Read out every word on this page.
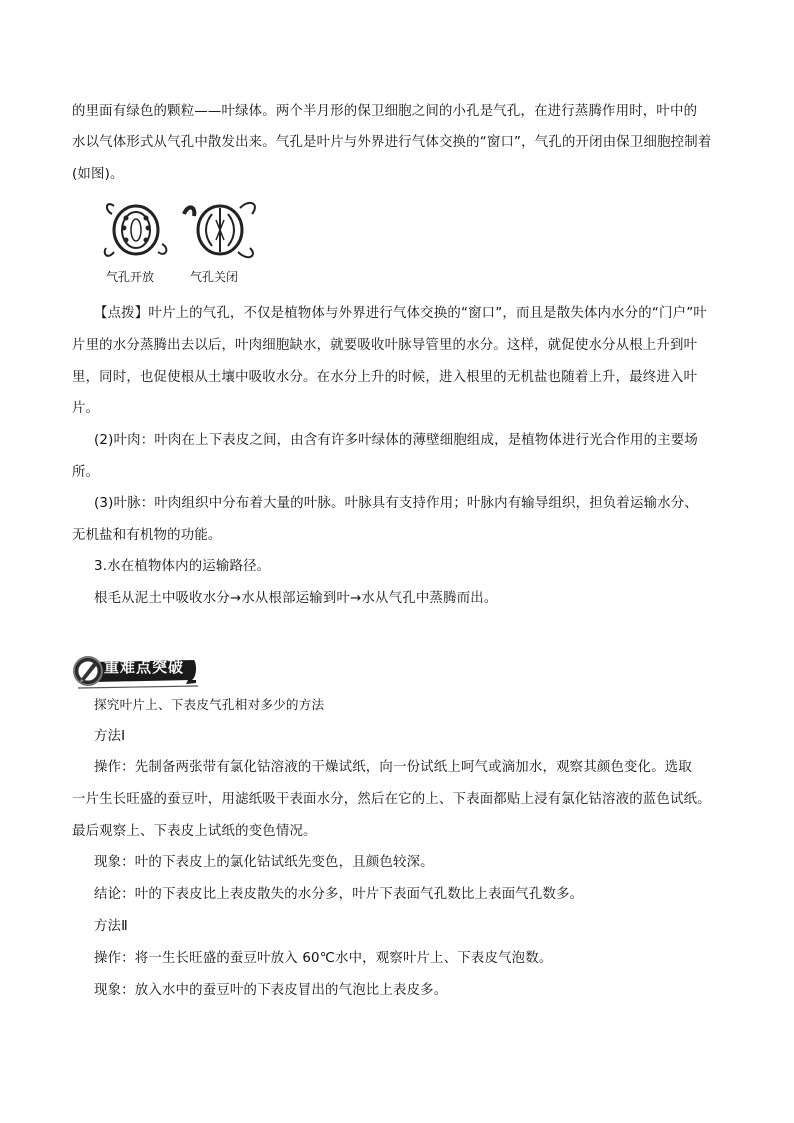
的里面有绿色的颗粒——叶绿体。两个半月形的保卫细胞之间的小孔是气孔，在进行蒸腾作用时，叶中的
水以气体形式从气孔中散发出来。气孔是叶片与外界进行气体交换的“窗口”，气孔的开闭由保卫细胞控制着
(如图)。
气孔开放	气孔关闭
【点拨】叶片上的气孔，不仅是植物体与外界进行气体交换的“窗口”，而且是散失体内水分的“门户”叶
片里的水分蒸腾出去以后，叶肉细胞缺水，就要吸收叶脉导管里的水分。这样，就促使水分从根上升到叶
里，同时，也促使根从土壤中吸收水分。在水分上升的时候，进入根里的无机盐也随着上升，最终进入叶
片。
(2)叶肉：叶肉在上下表皮之间，由含有许多叶绿体的薄壁细胞组成，是植物体进行光合作用的主要场
所。
(3)叶脉：叶肉组织中分布着大量的叶脉。叶脉具有支持作用；叶脉内有输导组织，担负着运输水分、
无机盐和有机物的功能。
3.水在植物体内的运输路径。
根毛从泥土中吸收水分→水从根部运输到叶→水从气孔中蒸腾而出。
重难点突破
探究叶片上、下表皮气孔相对多少的方法
方法Ⅰ
操作：先制备两张带有氯化钴溶液的干燥试纸，向一份试纸上呵气或滴加水，观察其颜色变化。选取
一片生长旺盛的蚕豆叶，用滤纸吸干表面水分，然后在它的上、下表面都贴上浸有氯化钴溶液的蓝色试纸。
最后观察上、下表皮上试纸的变色情况。
现象：叶的下表皮上的氯化钴试纸先变色，且颜色较深。
结论：叶的下表皮比上表皮散失的水分多，叶片下表面气孔数比上表面气孔数多。
方法Ⅱ
操作：将一生长旺盛的蚕豆叶放入 60℃水中，观察叶片上、下表皮气泡数。
现象：放入水中的蚕豆叶的下表皮冒出的气泡比上表皮多。
